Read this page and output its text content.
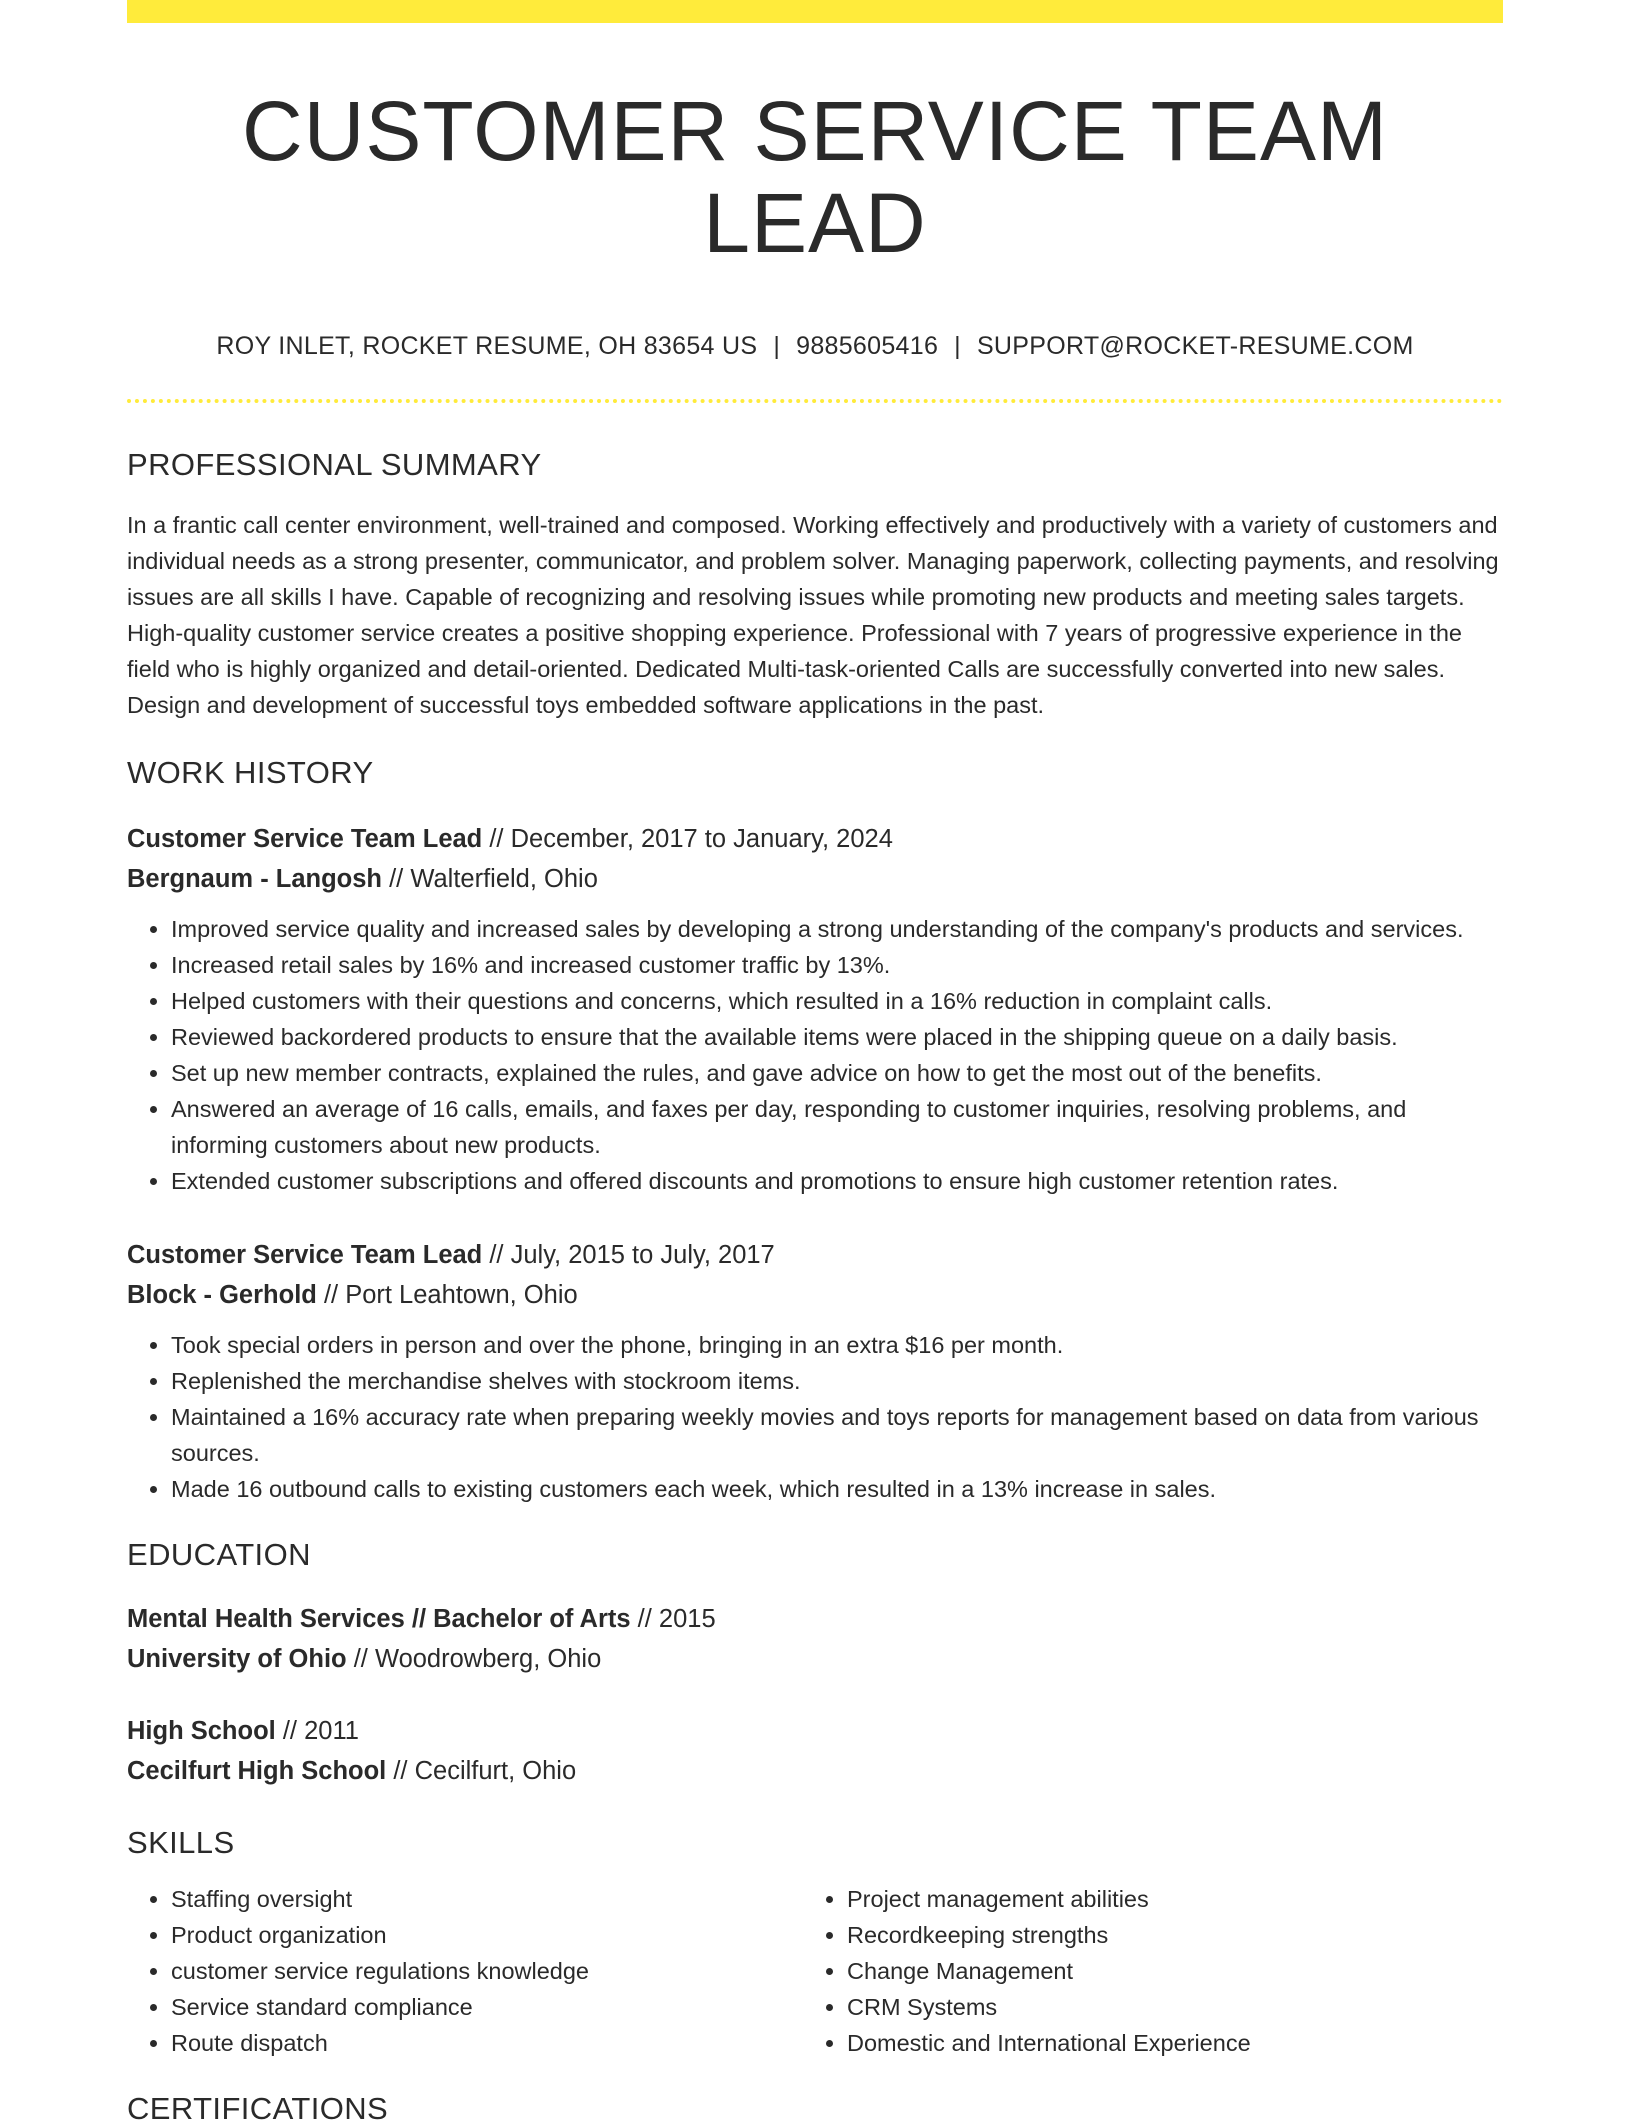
CUSTOMER SERVICE TEAM LEAD
ROY INLET, ROCKET RESUME, OH 83654 US | 9885605416 | SUPPORT@ROCKET-RESUME.COM
PROFESSIONAL SUMMARY
In a frantic call center environment, well-trained and composed. Working effectively and productively with a variety of customers and individual needs as a strong presenter, communicator, and problem solver. Managing paperwork, collecting payments, and resolving issues are all skills I have. Capable of recognizing and resolving issues while promoting new products and meeting sales targets. High-quality customer service creates a positive shopping experience. Professional with 7 years of progressive experience in the field who is highly organized and detail-oriented. Dedicated Multi-task-oriented Calls are successfully converted into new sales. Design and development of successful toys embedded software applications in the past.
WORK HISTORY
Customer Service Team Lead // December, 2017 to January, 2024
Bergnaum - Langosh // Walterfield, Ohio
• Improved service quality and increased sales by developing a strong understanding of the company's products and services.
• Increased retail sales by 16% and increased customer traffic by 13%.
• Helped customers with their questions and concerns, which resulted in a 16% reduction in complaint calls.
• Reviewed backordered products to ensure that the available items were placed in the shipping queue on a daily basis.
• Set up new member contracts, explained the rules, and gave advice on how to get the most out of the benefits.
• Answered an average of 16 calls, emails, and faxes per day, responding to customer inquiries, resolving problems, and informing customers about new products.
• Extended customer subscriptions and offered discounts and promotions to ensure high customer retention rates.
Customer Service Team Lead // July, 2015 to July, 2017
Block - Gerhold // Port Leahtown, Ohio
• Took special orders in person and over the phone, bringing in an extra $16 per month.
• Replenished the merchandise shelves with stockroom items.
• Maintained a 16% accuracy rate when preparing weekly movies and toys reports for management based on data from various sources.
• Made 16 outbound calls to existing customers each week, which resulted in a 13% increase in sales.
EDUCATION
Mental Health Services // Bachelor of Arts // 2015
University of Ohio // Woodrowberg, Ohio
High School // 2011
Cecilfurt High School // Cecilfurt, Ohio
SKILLS
• Staffing oversight
• Product organization
• customer service regulations knowledge
• Service standard compliance
• Route dispatch
• Project management abilities
• Recordkeeping strengths
• Change Management
• CRM Systems
• Domestic and International Experience
CERTIFICATIONS
